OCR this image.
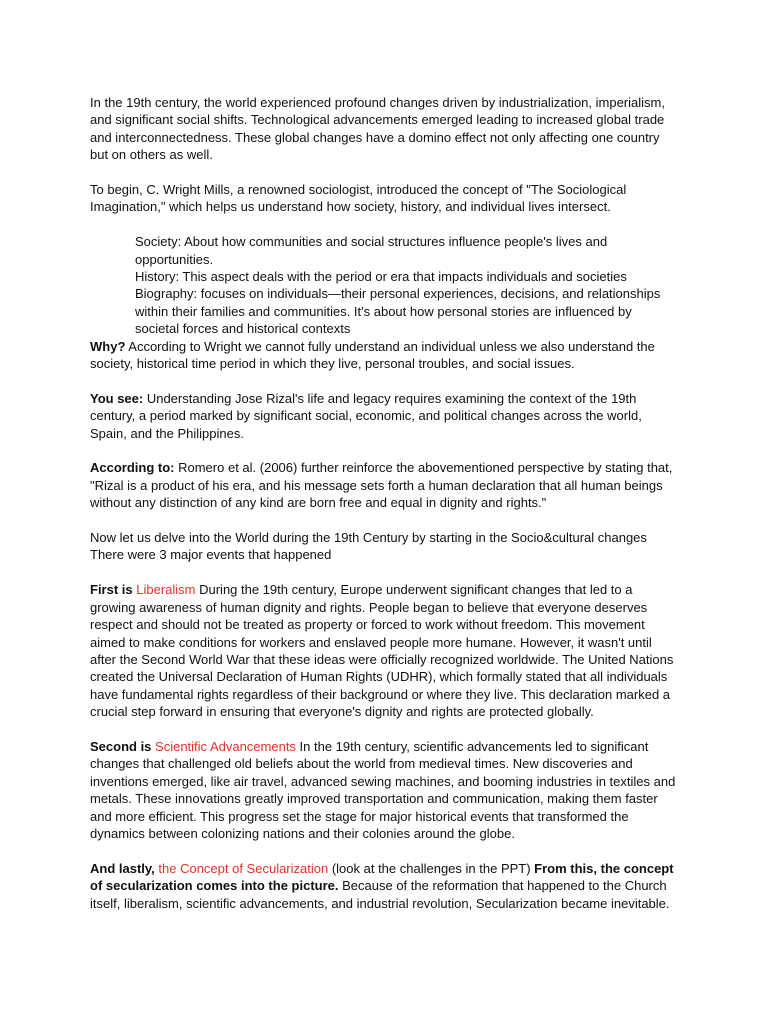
In the 19th century, the world experienced profound changes driven by industrialization, imperialism, and significant social shifts. Technological advancements emerged leading to increased global trade and interconnectedness. These global changes have a domino effect not only affecting one country but on others as well.

To begin, C. Wright Mills, a renowned sociologist, introduced the concept of "The Sociological Imagination," which helps us understand how society, history, and individual lives intersect.

Society: About how communities and social structures influence people's lives and opportunities.

History: This aspect deals with the period or era that impacts individuals and societies

Biography: focuses on individuals—their personal experiences, decisions, and relationships within their families and communities. It's about how personal stories are influenced by societal forces and historical contexts

Why? According to Wright we cannot fully understand an individual unless we also understand the society, historical time period in which they live, personal troubles, and social issues.

You see: Understanding Jose Rizal's life and legacy requires examining the context of the 19th century, a period marked by significant social, economic, and political changes across the world, Spain, and the Philippines.

According to: Romero et al. (2006) further reinforce the abovementioned perspective by stating that, "Rizal is a product of his era, and his message sets forth a human declaration that all human beings without any distinction of any kind are born free and equal in dignity and rights."

Now let us delve into the World during the 19th Century by starting in the Socio&cultural changes There were 3 major events that happened

First is Liberalism During the 19th century, Europe underwent significant changes that led to a growing awareness of human dignity and rights. People began to believe that everyone deserves respect and should not be treated as property or forced to work without freedom. This movement aimed to make conditions for workers and enslaved people more humane. However, it wasn't until after the Second World War that these ideas were officially recognized worldwide. The United Nations created the Universal Declaration of Human Rights (UDHR), which formally stated that all individuals have fundamental rights regardless of their background or where they live. This declaration marked a crucial step forward in ensuring that everyone's dignity and rights are protected globally.

Second is Scientific Advancements In the 19th century, scientific advancements led to significant changes that challenged old beliefs about the world from medieval times. New discoveries and inventions emerged, like air travel, advanced sewing machines, and booming industries in textiles and metals. These innovations greatly improved transportation and communication, making them faster and more efficient. This progress set the stage for major historical events that transformed the dynamics between colonizing nations and their colonies around the globe.

And lastly, the Concept of Secularization (look at the challenges in the PPT) From this, the concept of secularization comes into the picture. Because of the reformation that happened to the Church itself, liberalism, scientific advancements, and industrial revolution, Secularization became inevitable.
